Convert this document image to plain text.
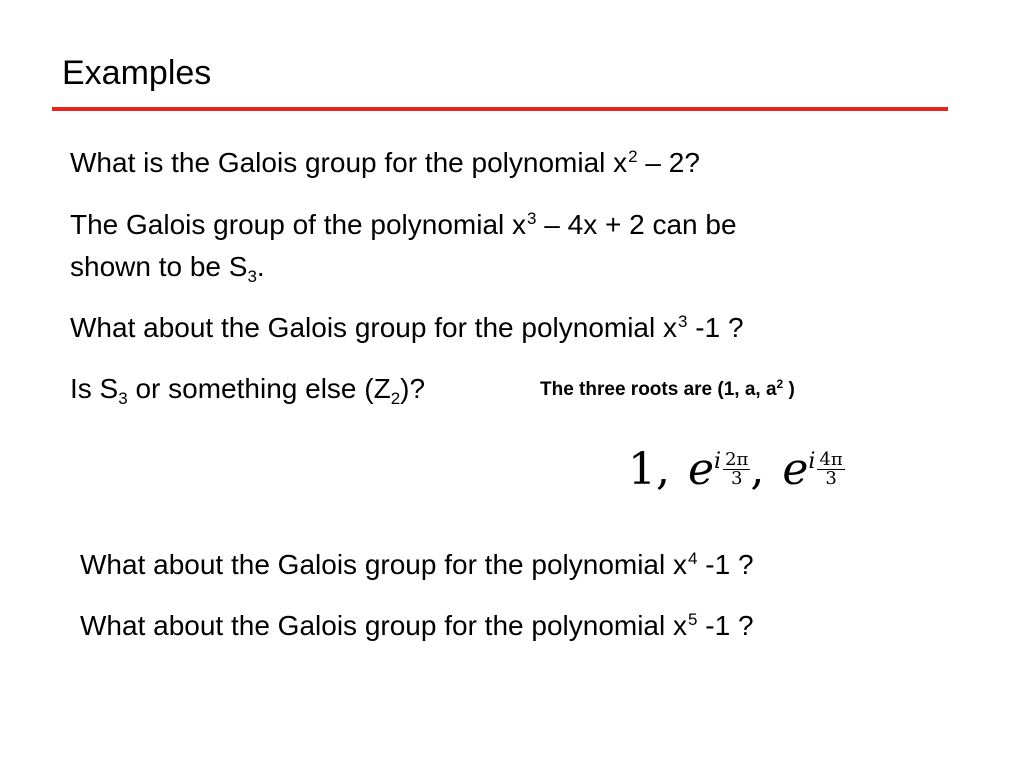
Examples
What is the Galois group for the polynomial $x^2 - 2$?
The Galois group of the polynomial $x^3 - 4x + 2$ can be
shown to be $S_3$.
What about the Galois group for the polynomial $x^3$ -1 ?
Is $S_3$ or something else $(Z_2)$?	The three roots are (1, a, $a^2$ )
1, ei $\frac{2\pi}{3}$ , ei $\frac{4\pi}{3}$
What about the Galois group for the polynomial $x^4$ -1 ?
What about the Galois group for the polynomial $x^5$ -1 ?
